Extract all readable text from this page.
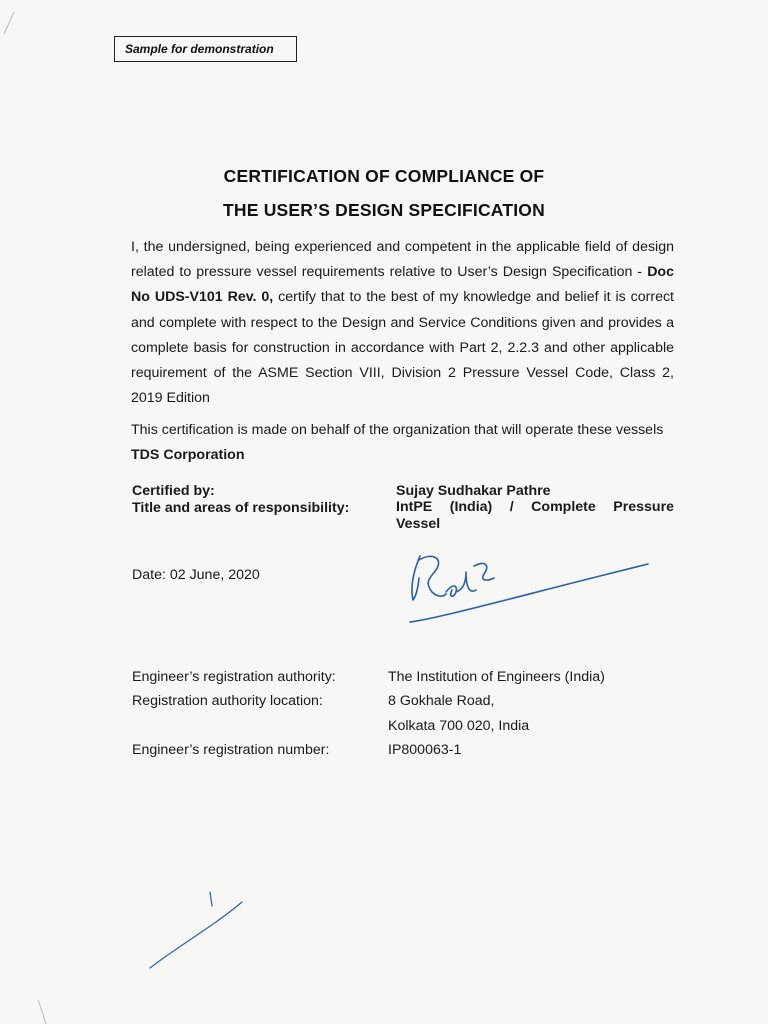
Sample for demonstration
CERTIFICATION OF COMPLIANCE OF
THE USER’S DESIGN SPECIFICATION
I, the undersigned, being experienced and competent in the applicable field of design related to pressure vessel requirements relative to User’s Design Specification - Doc No UDS-V101 Rev. 0, certify that to the best of my knowledge and belief it is correct and complete with respect to the Design and Service Conditions given and provides a complete basis for construction in accordance with Part 2, 2.2.3 and other applicable requirement of the ASME Section VIII, Division 2 Pressure Vessel Code, Class 2, 2019 Edition
This certification is made on behalf of the organization that will operate these vessels TDS Corporation
Certified by:
Title and areas of responsibility:
Sujay Sudhakar Pathre
IntPE (India) / Complete Pressure
Vessel
Date: 02 June, 2020
Engineer’s registration authority:
Registration authority location:
Engineer’s registration number:
The Institution of Engineers (India)
8 Gokhale Road,
Kolkata 700 020, India
IP800063-1
